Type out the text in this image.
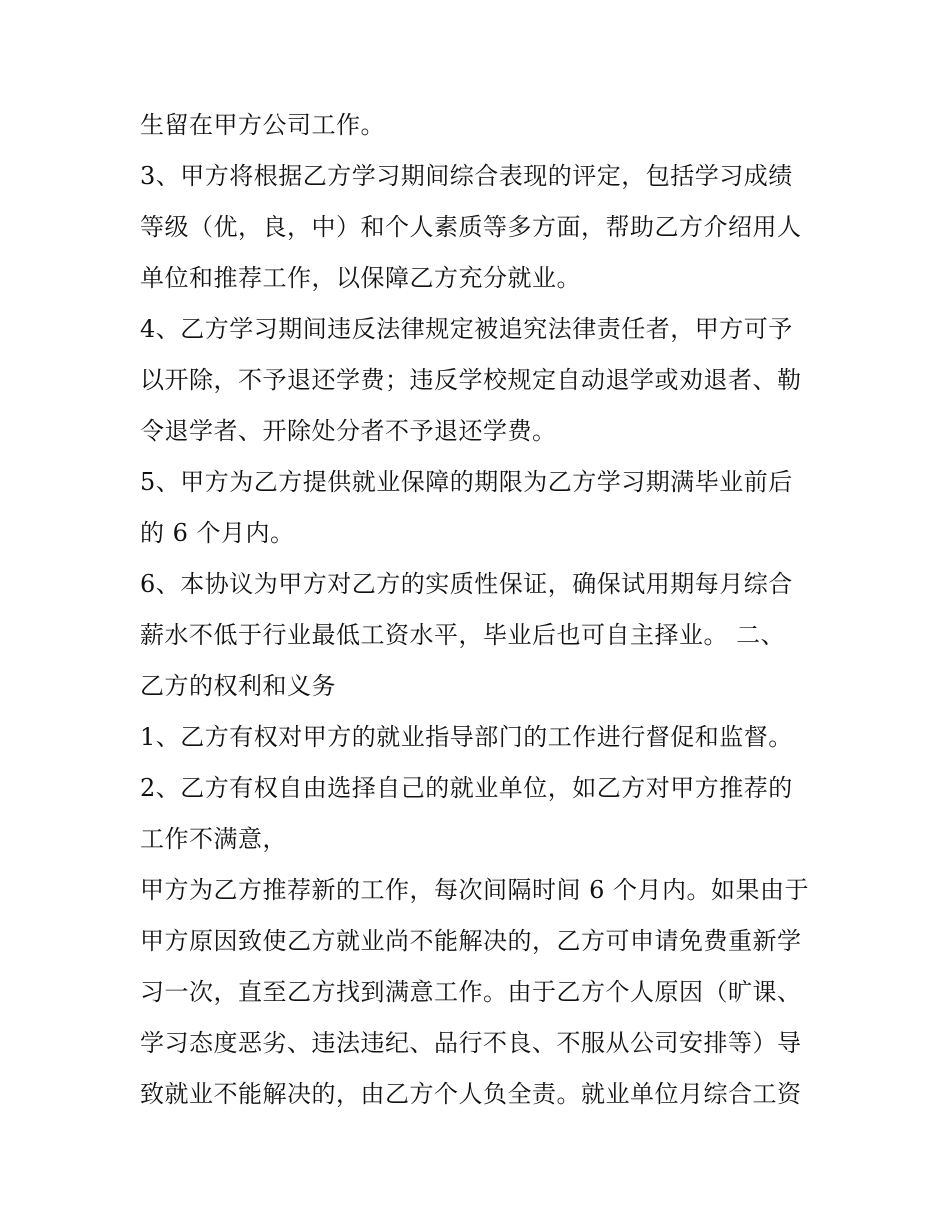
生留在甲方公司工作。
3、甲方将根据乙方学习期间综合表现的评定，包括学习成绩
等级（优，良，中）和个人素质等多方面，帮助乙方介绍用人
单位和推荐工作，以保障乙方充分就业。
4、乙方学习期间违反法律规定被追究法律责任者，甲方可予
以开除，不予退还学费；违反学校规定自动退学或劝退者、勒
令退学者、开除处分者不予退还学费。
5、甲方为乙方提供就业保障的期限为乙方学习期满毕业前后
的 6 个月内。
6、本协议为甲方对乙方的实质性保证，确保试用期每月综合
薪水不低于行业最低工资水平，毕业后也可自主择业。 二、
乙方的权利和义务
1、乙方有权对甲方的就业指导部门的工作进行督促和监督。
2、乙方有权自由选择自己的就业单位，如乙方对甲方推荐的
工作不满意，
甲方为乙方推荐新的工作，每次间隔时间 6 个月内。如果由于
甲方原因致使乙方就业尚不能解决的，乙方可申请免费重新学
习一次，直至乙方找到满意工作。由于乙方个人原因（旷课、
学习态度恶劣、违法违纪、品行不良、不服从公司安排等）导
致就业不能解决的，由乙方个人负全责。就业单位月综合工资
